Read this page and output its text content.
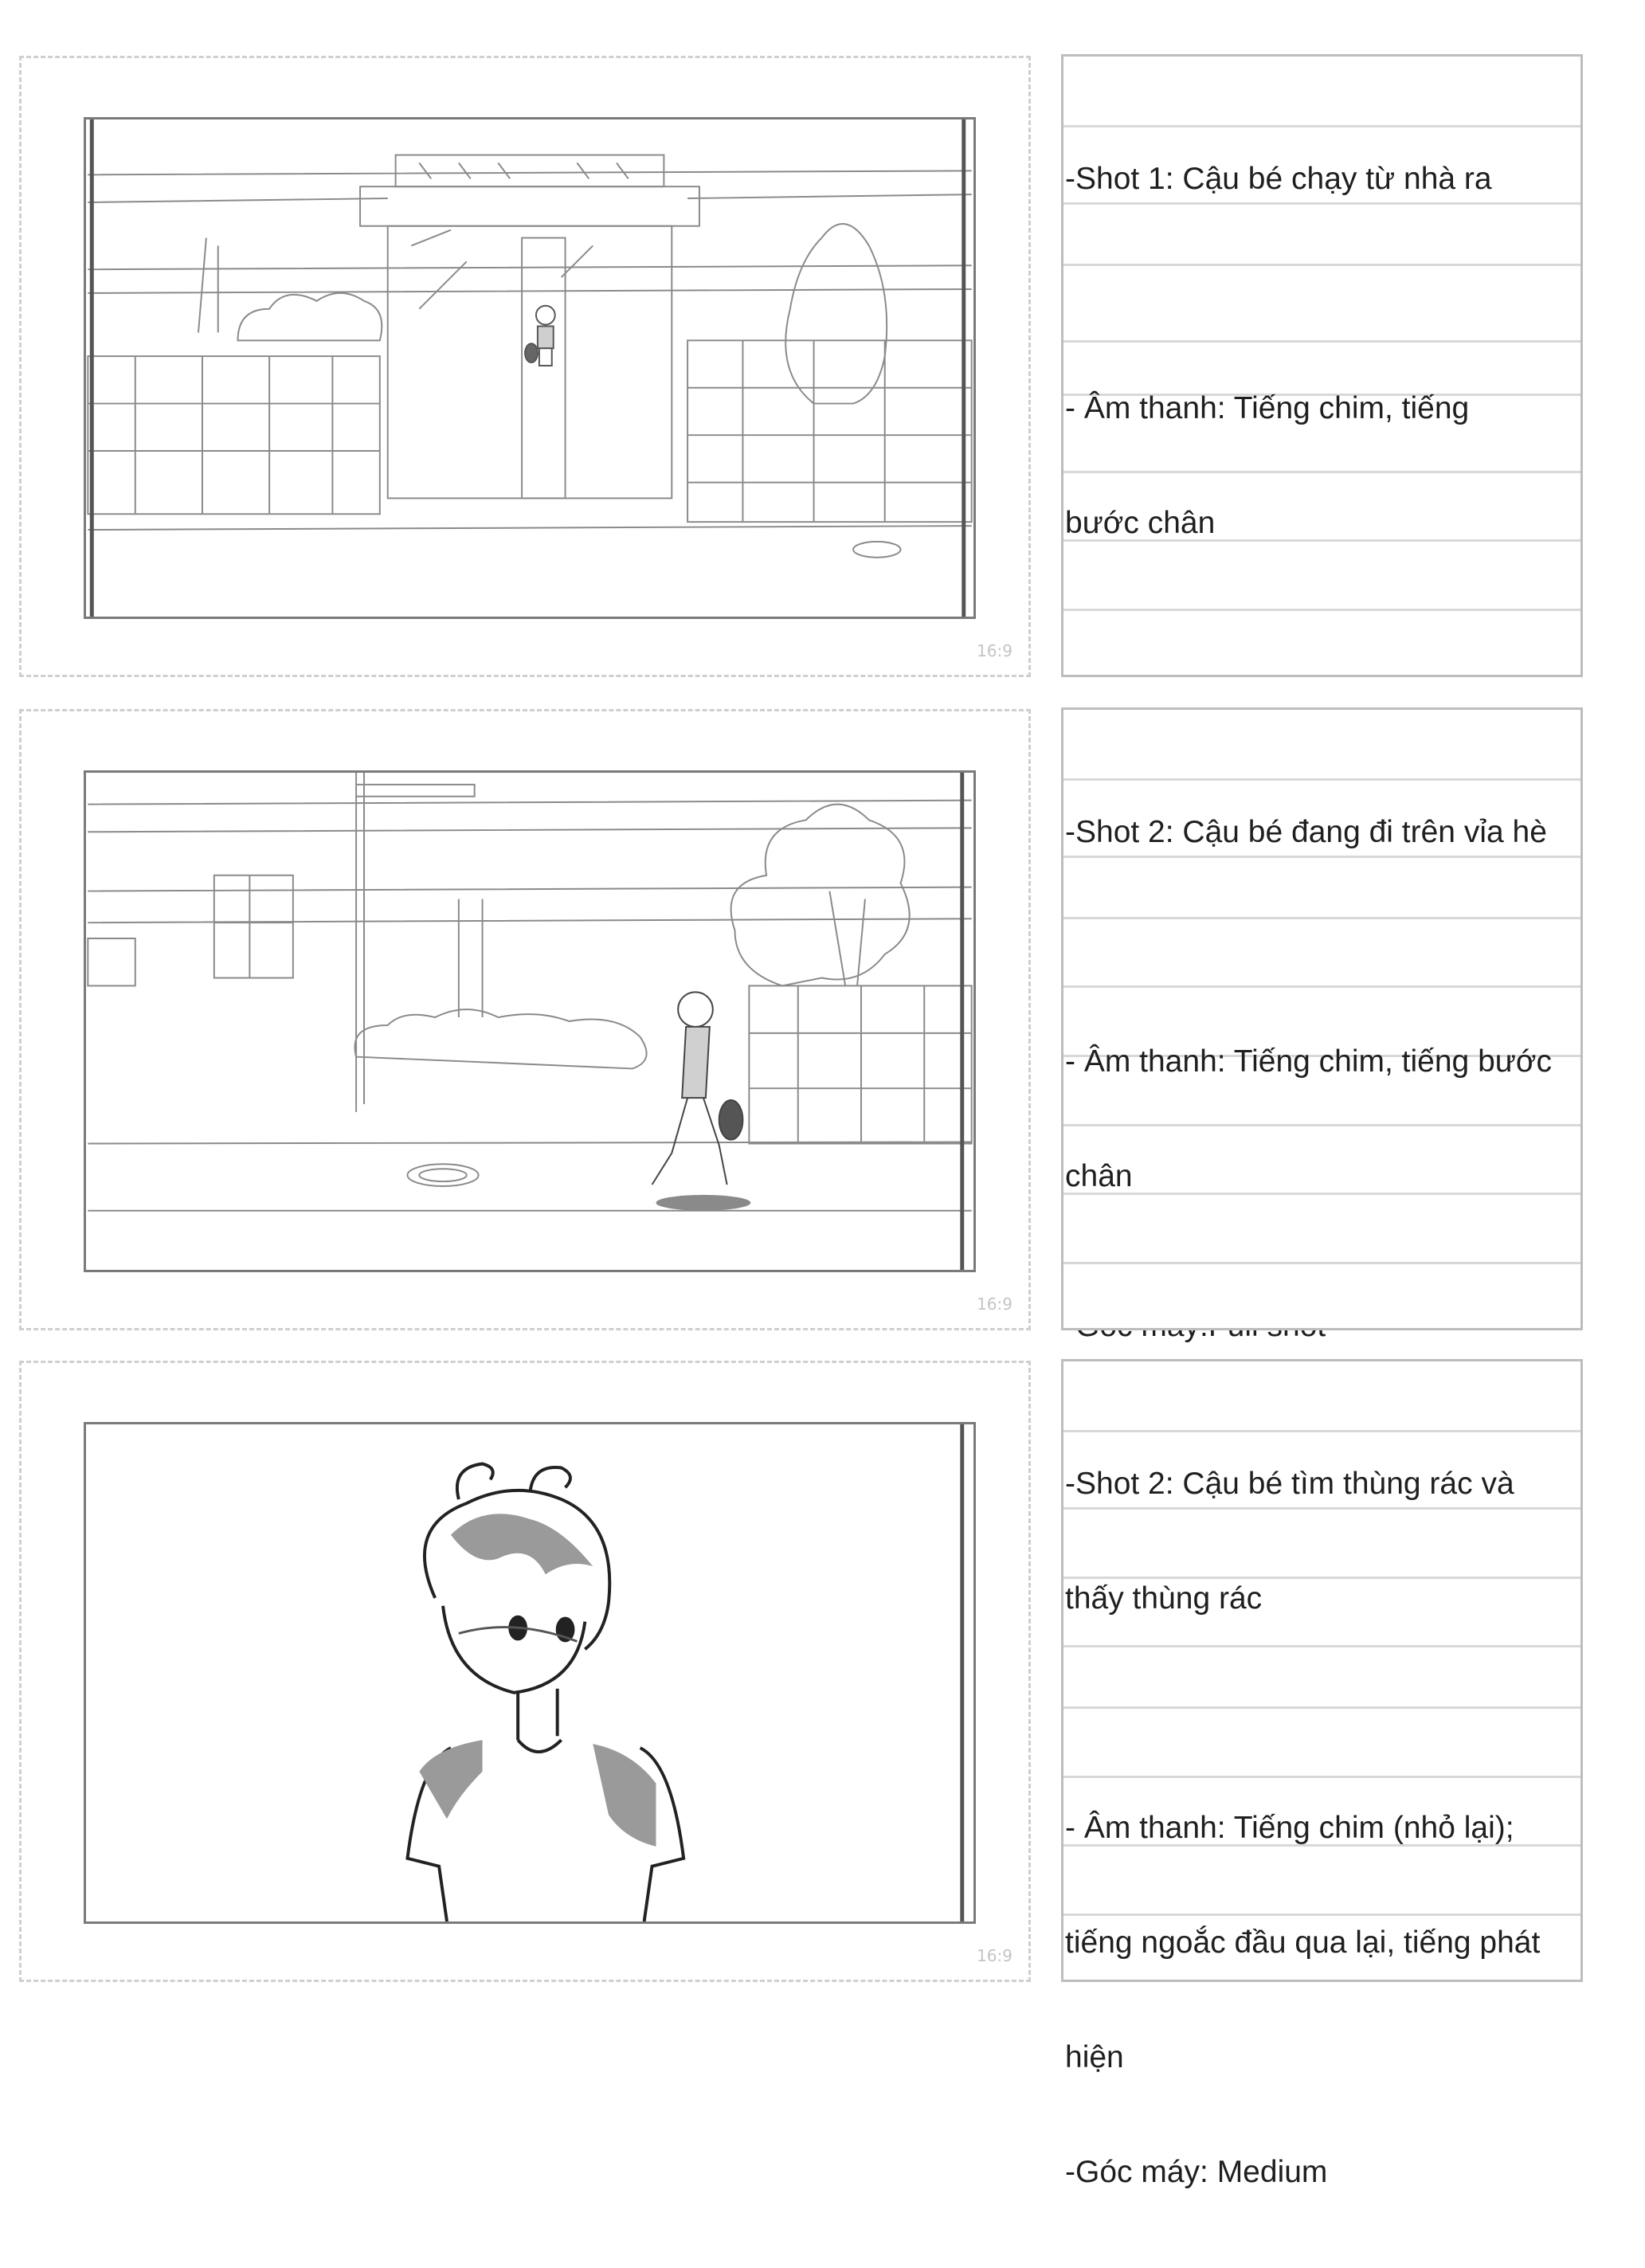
16:9

-Shot 1: Cậu bé chạy từ nhà ra

- Âm thanh: Tiếng chim, tiếng

bước chân

16:9

-Shot 2: Cậu bé đang đi trên vỉa hè

- Âm thanh: Tiếng chim, tiếng bước

chân

16:9

-Shot 2: Cậu bé tìm thùng rác và

thấy thùng rác

- Âm thanh: Tiếng chim (nhỏ lại);

tiếng ngoắc đầu qua lại, tiếng phát

hiện

-Góc máy: Medium
